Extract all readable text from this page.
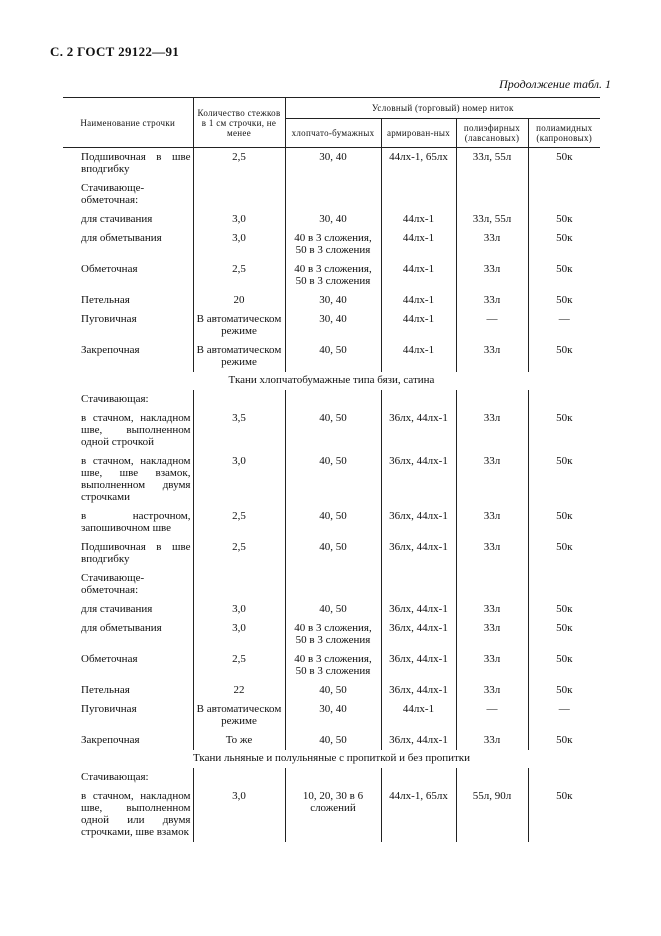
С. 2 ГОСТ 29122—91
Продолжение табл. 1
Наименование строчки	Количество стежков в 1 см строчки, не менее	Условный (торговый) номер ниток			
		хлопчато-бумажных	армирован-ных	полиэфирных (лавсановых)	полиамидных (капроновых)
Подшивочная в шве вподгибку	2,5	30, 40	44лх-1, 65лх	33л, 55л	50к
Стачивающе-обметочная:					
для стачивания	3,0	30, 40	44лх-1	33л, 55л	50к
для обметывания	3,0	40 в 3 сложения, 50 в 3 сложения	44лх-1	33л	50к
Обметочная	2,5	40 в 3 сложения, 50 в 3 сложения	44лх-1	33л	50к
Петельная	20	30, 40	44лх-1	33л	50к
Пуговичная	В автоматическом режиме	30, 40	44лх-1	—	—
Закрепочная	В автоматическом режиме	40, 50	44лх-1	33л	50к
Ткани хлопчатобумажные типа бязи, сатина					
Стачивающая:					
в стачном, накладном шве, выполненном одной строчкой	3,5	40, 50	36лх, 44лх-1	33л	50к
в стачном, накладном шве, шве взамок, выполненном двумя строчками	3,0	40, 50	36лх, 44лх-1	33л	50к
в настрочном, запошивочном шве	2,5	40, 50	36лх, 44лх-1	33л	50к
Подшивочная в шве вподгибку	2,5	40, 50	36лх, 44лх-1	33л	50к
Стачивающе-обметочная:					
для стачивания	3,0	40, 50	36лх, 44лх-1	33л	50к
для обметывания	3,0	40 в 3 сложения, 50 в 3 сложения	36лх, 44лх-1	33л	50к
Обметочная	2,5	40 в 3 сложения, 50 в 3 сложения	36лх, 44лх-1	33л	50к
Петельная	22	40, 50	36лх, 44лх-1	33л	50к
Пуговичная	В автоматическом режиме	30, 40	44лх-1	—	—
Закрепочная	То же	40, 50	36лх, 44лх-1	33л	50к
Ткани льняные и полульняные с пропиткой и без пропитки					
Стачивающая:					
в стачном, накладном шве, выполненном одной или двумя строчками, шве взамок	3,0	10, 20, 30 в 6 сложений	44лх-1, 65лх	55л, 90л	50к
